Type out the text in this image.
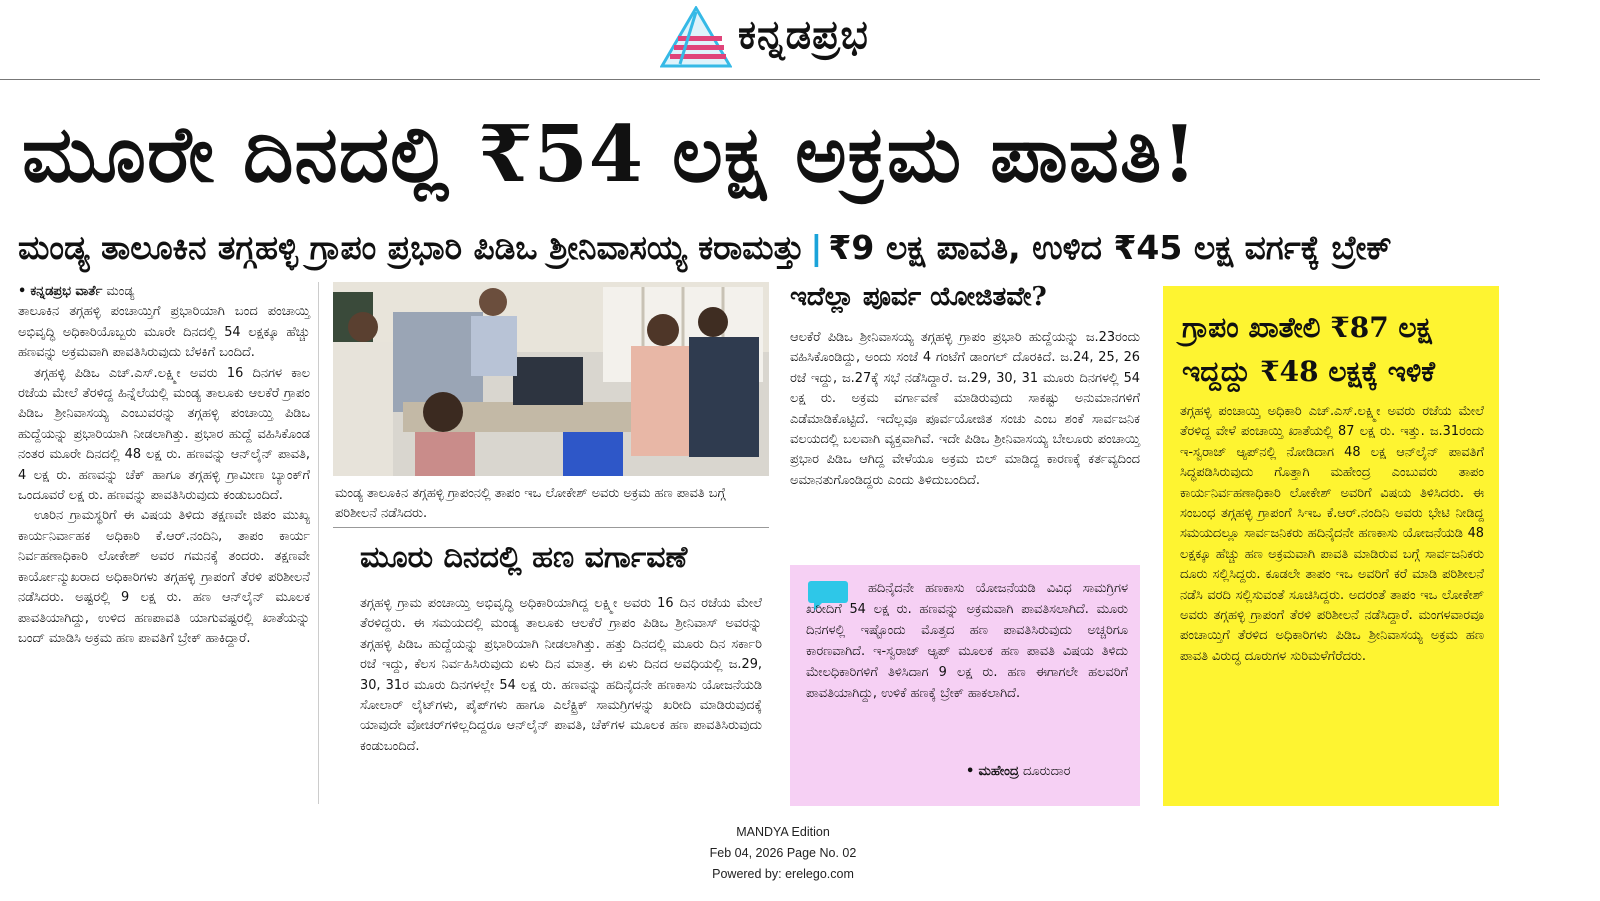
ಕನ್ನಡಪ್ರಭ
ಮೂರೇ ದಿನದಲ್ಲಿ ₹54 ಲಕ್ಷ ಅಕ್ರಮ ಪಾವತಿ!
ಮಂಡ್ಯ ತಾಲೂಕಿನ ತಗ್ಗಹಳ್ಳಿ ಗ್ರಾಪಂ ಪ್ರಭಾರಿ ಪಿಡಿಒ ಶ್ರೀನಿವಾಸಯ್ಯ ಕರಾಮತ್ತು | ₹9 ಲಕ್ಷ ಪಾವತಿ, ಉಳಿದ ₹45 ಲಕ್ಷ ವರ್ಗಕ್ಕೆ ಬ್ರೇಕ್

• ಕನ್ನಡಪ್ರಭ ವಾರ್ತೆ ಮಂಡ್ಯ

ತಾಲೂಕಿನ ತಗ್ಗಹಳ್ಳಿ ಪಂಚಾಯ್ತಿಗೆ ಪ್ರಭಾರಿಯಾಗಿ ಬಂದ ಪಂಚಾಯ್ತಿ ಅಭಿವೃದ್ಧಿ ಅಧಿಕಾರಿಯೊಬ್ಬರು ಮೂರೇ ದಿನದಲ್ಲಿ 54 ಲಕ್ಷಕ್ಕೂ ಹೆಚ್ಚು ಹಣವನ್ನು ಅಕ್ರಮವಾಗಿ ಪಾವತಿಸಿರುವುದು ಬೆಳಕಿಗೆ ಬಂದಿದೆ.

ತಗ್ಗಹಳ್ಳಿ ಪಿಡಿಒ ಎಚ್.ಎಸ್.ಲಕ್ಷ್ಮೀ ಅವರು 16 ದಿನಗಳ ಕಾಲ ರಜೆಯ ಮೇಲೆ ತೆರಳಿದ್ದ ಹಿನ್ನೆಲೆಯಲ್ಲಿ ಮಂಡ್ಯ ತಾಲೂಕು ಆಲಕೆರೆ ಗ್ರಾಪಂ ಪಿಡಿಒ ಶ್ರೀನಿವಾಸಯ್ಯ ಎಂಬುವರನ್ನು ತಗ್ಗಹಳ್ಳಿ ಪಂಚಾಯ್ತಿ ಪಿಡಿಒ ಹುದ್ದೆಯನ್ನು ಪ್ರಭಾರಿಯಾಗಿ ನೀಡಲಾಗಿತ್ತು. ಪ್ರಭಾರ ಹುದ್ದೆ ವಹಿಸಿಕೊಂಡ ನಂತರ ಮೂರೇ ದಿನದಲ್ಲಿ 48 ಲಕ್ಷ ರು. ಹಣವನ್ನು ಆನ್‌ಲೈನ್ ಪಾವತಿ, 4 ಲಕ್ಷ ರು. ಹಣವನ್ನು ಚೆಕ್ ಹಾಗೂ ತಗ್ಗಹಳ್ಳಿ ಗ್ರಾಮೀಣ ಬ್ಯಾಂಕ್‌ಗೆ ಒಂದೂವರೆ ಲಕ್ಷ ರು. ಹಣವನ್ನು ಪಾವತಿಸಿರುವುದು ಕಂಡುಬಂದಿದೆ.

ಊರಿನ ಗ್ರಾಮಸ್ಥರಿಗೆ ಈ ವಿಷಯ ತಿಳಿದು ತಕ್ಷಣವೇ ಜಿಪಂ ಮುಖ್ಯ ಕಾರ್ಯನಿರ್ವಾಹಕ ಅಧಿಕಾರಿ ಕೆ.ಆರ್.ನಂದಿನಿ, ತಾಪಂ ಕಾರ್ಯ ನಿರ್ವಹಣಾಧಿಕಾರಿ ಲೋಕೇಶ್ ಅವರ ಗಮನಕ್ಕೆ ತಂದರು. ತಕ್ಷಣವೇ ಕಾರ್ಯೋನ್ಮುಖರಾದ ಅಧಿಕಾರಿಗಳು ತಗ್ಗಹಳ್ಳಿ ಗ್ರಾಪಂಗೆ ತೆರಳಿ ಪರಿಶೀಲನೆ ನಡೆಸಿದರು. ಅಷ್ಟರಲ್ಲಿ 9 ಲಕ್ಷ ರು. ಹಣ ಆನ್‌ಲೈನ್ ಮೂಲಕ ಪಾವತಿಯಾಗಿದ್ದು, ಉಳಿದ ಹಣಪಾವತಿ ಯಾಗುವಷ್ಟರಲ್ಲಿ ಖಾತೆಯನ್ನು ಬಂದ್ ಮಾಡಿಸಿ ಅಕ್ರಮ ಹಣ ಪಾವತಿಗೆ ಬ್ರೇಕ್ ಹಾಕಿದ್ದಾರೆ.

ಮಂಡ್ಯ ತಾಲೂಕಿನ ತಗ್ಗಹಳ್ಳಿ ಗ್ರಾಪಂನಲ್ಲಿ ತಾಪಂ ಇಒ ಲೋಕೇಶ್ ಅವರು ಅಕ್ರಮ ಹಣ ಪಾವತಿ ಬಗ್ಗೆ ಪರಿಶೀಲನೆ ನಡೆಸಿದರು.
ಮೂರು ದಿನದಲ್ಲಿ ಹಣ ವರ್ಗಾವಣೆ
ತಗ್ಗಹಳ್ಳಿ ಗ್ರಾಮ ಪಂಚಾಯ್ತಿ ಅಭಿವೃದ್ಧಿ ಅಧಿಕಾರಿಯಾಗಿದ್ದ ಲಕ್ಷ್ಮೀ ಅವರು 16 ದಿನ ರಜೆಯ ಮೇಲೆ ತೆರಳಿದ್ದರು. ಈ ಸಮಯದಲ್ಲಿ ಮಂಡ್ಯ ತಾಲೂಕು ಆಲಕೆರೆ ಗ್ರಾಪಂ ಪಿಡಿಒ ಶ್ರೀನಿವಾಸ್ ಅವರನ್ನು ತಗ್ಗಹಳ್ಳಿ ಪಿಡಿಒ ಹುದ್ದೆಯನ್ನು ಪ್ರಭಾರಿಯಾಗಿ ನೀಡಲಾಗಿತ್ತು. ಹತ್ತು ದಿನದಲ್ಲಿ ಮೂರು ದಿನ ಸರ್ಕಾರಿ ರಜೆ ಇದ್ದು, ಕೆಲಸ ನಿರ್ವಹಿಸಿರುವುದು ಏಳು ದಿನ ಮಾತ್ರ. ಈ ಏಳು ದಿನದ ಅವಧಿಯಲ್ಲಿ ಜ.29, 30, 31ರ ಮೂರು ದಿನಗಳಲ್ಲೇ 54 ಲಕ್ಷ ರು. ಹಣವನ್ನು ಹದಿನೈದನೇ ಹಣಕಾಸು ಯೋಜನೆಯಡಿ ಸೋಲಾರ್ ಲೈಟ್‌ಗಳು, ಪೈಪ್‌ಗಳು ಹಾಗೂ ಎಲೆಕ್ಟ್ರಿಕ್ ಸಾಮಗ್ರಿಗಳನ್ನು ಖರೀದಿ ಮಾಡಿರುವುದಕ್ಕೆ ಯಾವುದೇ ವೋಚರ್‌ಗಳಿಲ್ಲದಿದ್ದರೂ ಆನ್‌ಲೈನ್ ಪಾವತಿ, ಚೆಕ್‌ಗಳ ಮೂಲಕ ಹಣ ಪಾವತಿಸಿರುವುದು ಕಂಡುಬಂದಿದೆ.
ಇದೆಲ್ಲಾ ಪೂರ್ವ ಯೋಜಿತವೇ?
ಆಲಕೆರೆ ಪಿಡಿಒ ಶ್ರೀನಿವಾಸಯ್ಯ ತಗ್ಗಹಳ್ಳಿ ಗ್ರಾಪಂ ಪ್ರಭಾರಿ ಹುದ್ದೆಯನ್ನು ಜ.23ರಂದು ವಹಿಸಿಕೊಂಡಿದ್ದು, ಅಂದು ಸಂಜೆ 4 ಗಂಟೆಗೆ ಡಾಂಗಲ್ ದೊರಕಿದೆ. ಜ.24, 25, 26 ರಜೆ ಇದ್ದು, ಜ.27ಕ್ಕೆ ಸಭೆ ನಡೆಸಿದ್ದಾರೆ. ಜ.29, 30, 31 ಮೂರು ದಿನಗಳಲ್ಲಿ 54 ಲಕ್ಷ ರು. ಅಕ್ರಮ ವರ್ಗಾವಣೆ ಮಾಡಿರುವುದು ಸಾಕಷ್ಟು ಅನುಮಾನಗಳಿಗೆ ಎಡೆಮಾಡಿಕೊಟ್ಟಿದೆ. ಇದೆಲ್ಲವೂ ಪೂರ್ವಯೋಜಿತ ಸಂಚು ಎಂಬ ಶಂಕೆ ಸಾರ್ವಜನಿಕ ವಲಯದಲ್ಲಿ ಬಲವಾಗಿ ವ್ಯಕ್ತವಾಗಿವೆ. ಇದೇ ಪಿಡಿಒ ಶ್ರೀನಿವಾಸಯ್ಯ ಬೇಲೂರು ಪಂಚಾಯ್ತಿ ಪ್ರಭಾರ ಪಿಡಿಒ ಆಗಿದ್ದ ವೇಳೆಯೂ ಅಕ್ರಮ ಬಿಲ್ ಮಾಡಿದ್ದ ಕಾರಣಕ್ಕೆ ಕರ್ತವ್ಯದಿಂದ ಅಮಾನತುಗೊಂಡಿದ್ದರು ಎಂದು ತಿಳಿದುಬಂದಿದೆ.
ಹದಿನೈದನೇ ಹಣಕಾಸು ಯೋಜನೆಯಡಿ ವಿವಿಧ ಸಾಮಗ್ರಿಗಳ ಖರೀದಿಗೆ 54 ಲಕ್ಷ ರು. ಹಣವನ್ನು ಅಕ್ರಮವಾಗಿ ಪಾವತಿಸಲಾಗಿದೆ. ಮೂರು ದಿನಗಳಲ್ಲಿ ಇಷ್ಟೊಂದು ಮೊತ್ತದ ಹಣ ಪಾವತಿಸಿರುವುದು ಅಚ್ಚರಿಗೂ ಕಾರಣವಾಗಿದೆ. ಇ-ಸ್ವರಾಜ್ ಆ್ಯಪ್ ಮೂಲಕ ಹಣ ಪಾವತಿ ವಿಷಯ ತಿಳಿದು ಮೇಲಧಿಕಾರಿಗಳಿಗೆ ತಿಳಿಸಿದಾಗ 9 ಲಕ್ಷ ರು. ಹಣ ಈಗಾಗಲೇ ಹಲವರಿಗೆ ಪಾವತಿಯಾಗಿದ್ದು, ಉಳಿಕೆ ಹಣಕ್ಕೆ ಬ್ರೇಕ್ ಹಾಕಲಾಗಿದೆ.
• ಮಹೇಂದ್ರ ದೂರುದಾರ
ಗ್ರಾಪಂ ಖಾತೇಲಿ ₹87 ಲಕ್ಷ
ಇದ್ದದ್ದು ₹48 ಲಕ್ಷಕ್ಕೆ ಇಳಿಕೆ
ತಗ್ಗಹಳ್ಳಿ ಪಂಚಾಯ್ತಿ ಅಧಿಕಾರಿ ಎಚ್.ಎಸ್.ಲಕ್ಷ್ಮೀ ಅವರು ರಜೆಯ ಮೇಲೆ ತೆರಳಿದ್ದ ವೇಳೆ ಪಂಚಾಯ್ತಿ ಖಾತೆಯಲ್ಲಿ 87 ಲಕ್ಷ ರು. ಇತ್ತು. ಜ.31ರಂದು ಇ-ಸ್ವರಾಜ್ ಆ್ಯಪ್‌ನಲ್ಲಿ ನೋಡಿದಾಗ 48 ಲಕ್ಷ ಆನ್‌ಲೈನ್ ಪಾವತಿಗೆ ಸಿದ್ಧಪಡಿಸಿರುವುದು ಗೊತ್ತಾಗಿ ಮಹೇಂದ್ರ ಎಂಬುವರು ತಾಪಂ ಕಾರ್ಯನಿರ್ವಹಣಾಧಿಕಾರಿ ಲೋಕೇಶ್ ಅವರಿಗೆ ವಿಷಯ ತಿಳಿಸಿದರು. ಈ ಸಂಬಂಧ ತಗ್ಗಹಳ್ಳಿ ಗ್ರಾಪಂಗೆ ಸಿಇಒ ಕೆ.ಆರ್.ನಂದಿನಿ ಅವರು ಭೇಟಿ ನೀಡಿದ್ದ ಸಮಯದಲ್ಲೂ ಸಾರ್ವಜನಿಕರು ಹದಿನೈದನೇ ಹಣಕಾಸು ಯೋಜನೆಯಡಿ 48 ಲಕ್ಷಕ್ಕೂ ಹೆಚ್ಚು ಹಣ ಅಕ್ರಮವಾಗಿ ಪಾವತಿ ಮಾಡಿರುವ ಬಗ್ಗೆ ಸಾರ್ವಜನಿಕರು ದೂರು ಸಲ್ಲಿಸಿದ್ದರು. ಕೂಡಲೇ ತಾಪಂ ಇಒ ಅವರಿಗೆ ಕರೆ ಮಾಡಿ ಪರಿಶೀಲನೆ ನಡೆಸಿ ವರದಿ ಸಲ್ಲಿಸುವಂತೆ ಸೂಚಿಸಿದ್ದರು. ಅದರಂತೆ ತಾಪಂ ಇಒ ಲೋಕೇಶ್ ಅವರು ತಗ್ಗಹಳ್ಳಿ ಗ್ರಾಪಂಗೆ ತೆರಳಿ ಪರಿಶೀಲನೆ ನಡೆಸಿದ್ದಾರೆ. ಮಂಗಳವಾರವೂ ಪಂಚಾಯ್ತಿಗೆ ತೆರಳಿದ ಅಧಿಕಾರಿಗಳು ಪಿಡಿಒ ಶ್ರೀನಿವಾಸಯ್ಯ ಅಕ್ರಮ ಹಣ ಪಾವತಿ ವಿರುದ್ಧ ದೂರುಗಳ ಸುರಿಮಳೆಗೆರೆದರು.
MANDYA Edition
Feb 04, 2026 Page No. 02
Powered by: erelego.com
